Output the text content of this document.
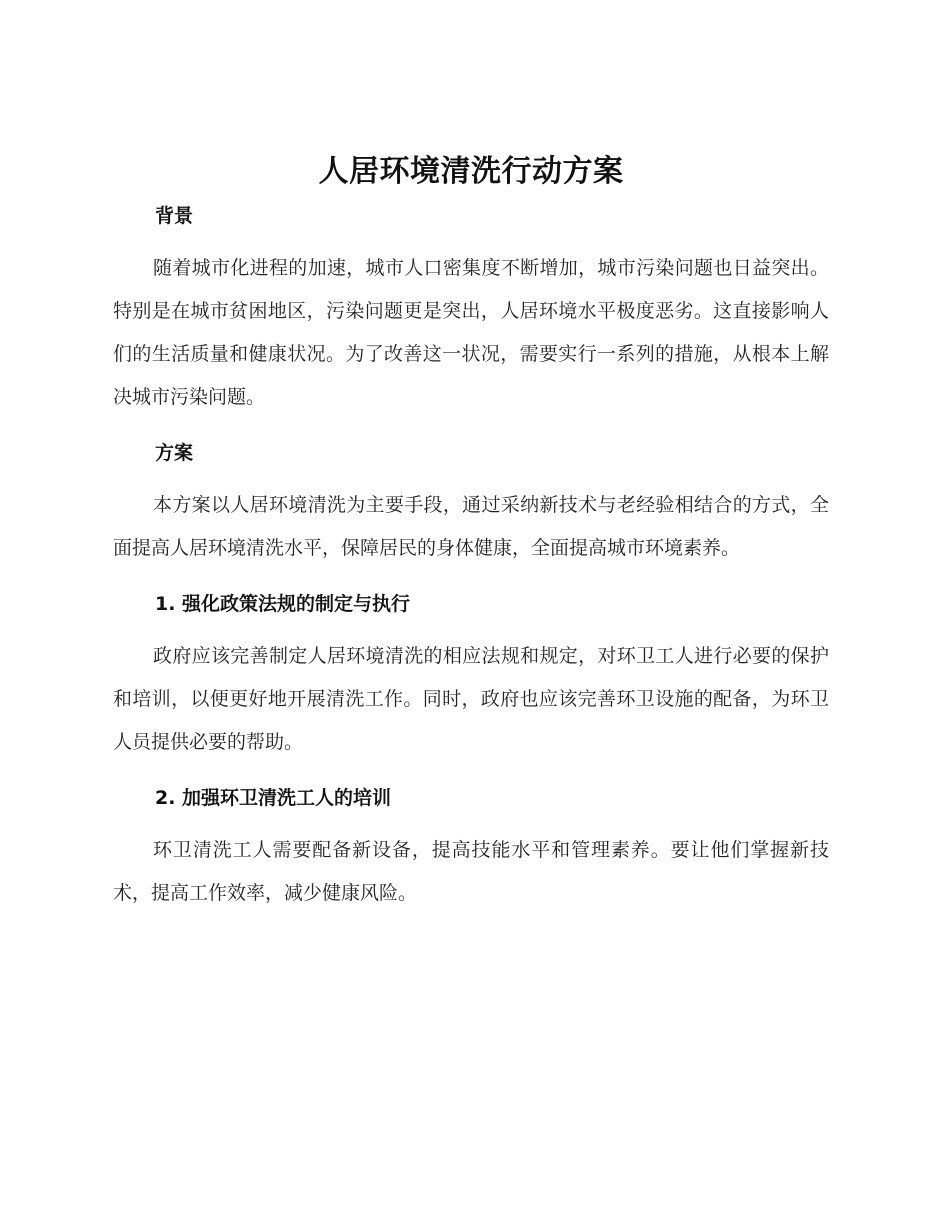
人居环境清洗行动方案
背景

随着城市化进程的加速，城市人口密集度不断增加，城市污染问题也日益突出。特别是在城市贫困地区，污染问题更是突出，人居环境水平极度恶劣。这直接影响人们的生活质量和健康状况。为了改善这一状况，需要实行一系列的措施，从根本上解决城市污染问题。

方案

本方案以人居环境清洗为主要手段，通过采纳新技术与老经验相结合的方式，全面提高人居环境清洗水平，保障居民的身体健康，全面提高城市环境素养。

1. 强化政策法规的制定与执行

政府应该完善制定人居环境清洗的相应法规和规定，对环卫工人进行必要的保护和培训，以便更好地开展清洗工作。同时，政府也应该完善环卫设施的配备，为环卫人员提供必要的帮助。

2. 加强环卫清洗工人的培训

环卫清洗工人需要配备新设备，提高技能水平和管理素养。要让他们掌握新技术，提高工作效率，减少健康风险。
